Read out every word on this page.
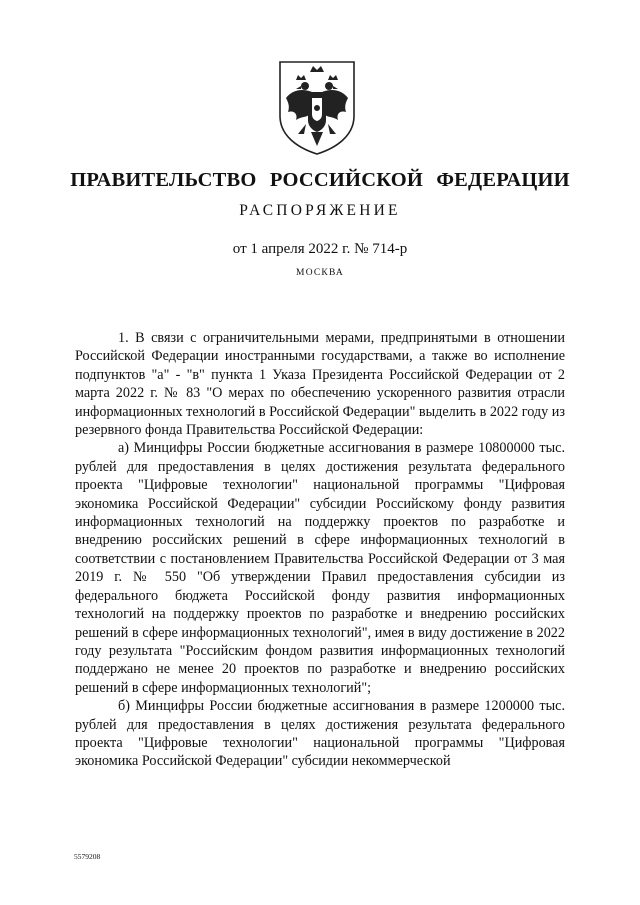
ПРАВИТЕЛЬСТВО РОССИЙСКОЙ ФЕДЕРАЦИИ
РАСПОРЯЖЕНИЕ
от 1 апреля 2022 г. № 714-р
МОСКВА

1. В связи с ограничительными мерами, предпринятыми в отношении Российской Федерации иностранными государствами, а также во исполнение подпунктов "а" - "в" пункта 1 Указа Президента Российской Федерации от 2 марта 2022 г. № 83 "О мерах по обеспечению ускоренного развития отрасли информационных технологий в Российской Федерации" выделить в 2022 году из резервного фонда Правительства Российской Федерации:

а) Минцифры России бюджетные ассигнования в размере 10800000 тыс. рублей для предоставления в целях достижения результата федерального проекта "Цифровые технологии" национальной программы "Цифровая экономика Российской Федерации" субсидии Российскому фонду развития информационных технологий на поддержку проектов по разработке и внедрению российских решений в сфере информационных технологий в соответствии с постановлением Правительства Российской Федерации от 3 мая 2019 г. № 550 "Об утверждении Правил предоставления субсидии из федерального бюджета Российской фонду развития информационных технологий на поддержку проектов по разработке и внедрению российских решений в сфере информационных технологий", имея в виду достижение в 2022 году результата "Российским фондом развития информационных технологий поддержано не менее 20 проектов по разработке и внедрению российских решений в сфере информационных технологий";

б) Минцифры России бюджетные ассигнования в размере 1200000 тыс. рублей для предоставления в целях достижения результата федерального проекта "Цифровые технологии" национальной программы "Цифровая экономика Российской Федерации" субсидии некоммерческой

5579208
